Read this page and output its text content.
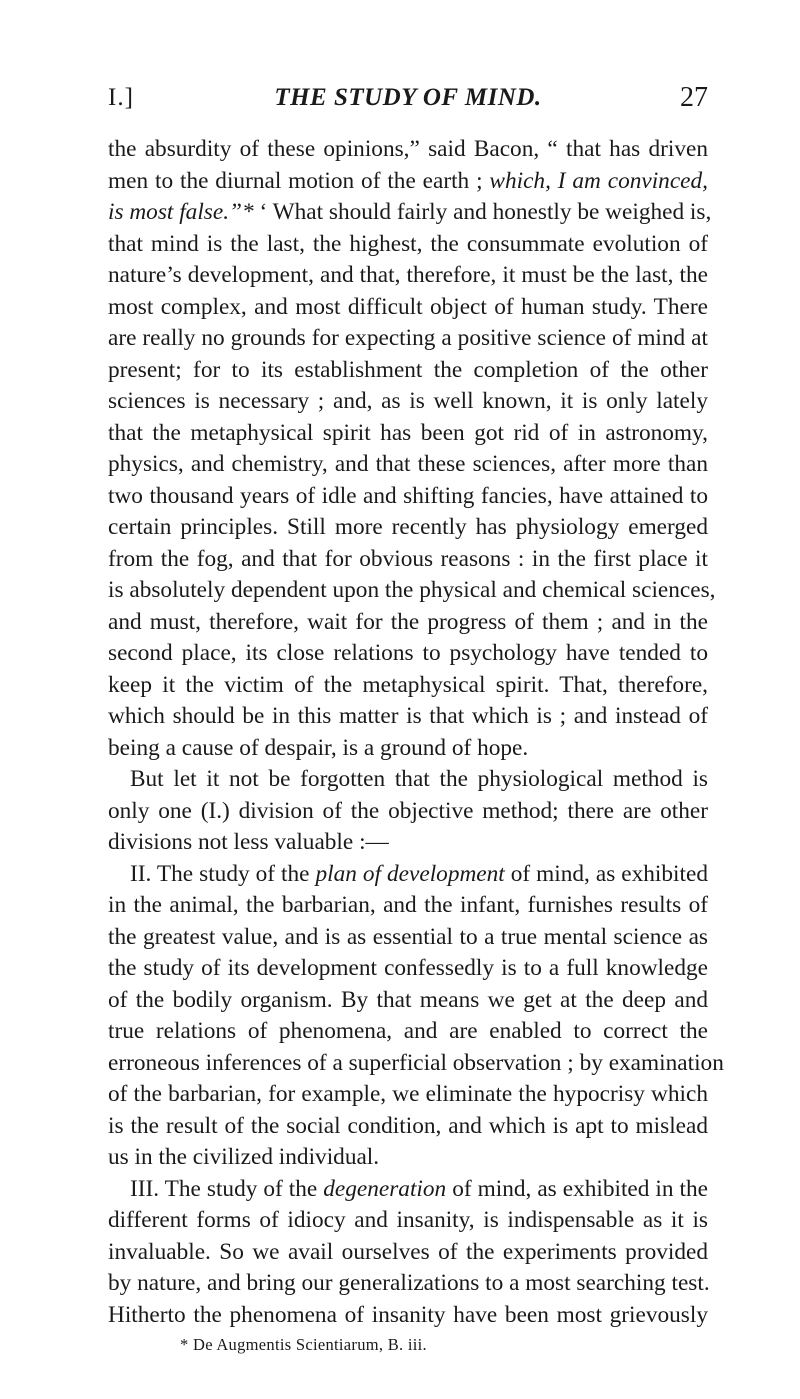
I.]	THE STUDY OF MIND.	27
the absurdity of these opinions,” said Bacon, “ that has driven
men to the diurnal motion of the earth ; which, I am convinced,
is most false.”* ‘ What should fairly and honestly be weighed is,
that mind is the last, the highest, the consummate evolution of
nature’s development, and that, therefore, it must be the last, the
most complex, and most difficult object of human study. There
are really no grounds for expecting a positive science of mind at
present; for to its establishment the completion of the other
sciences is necessary ; and, as is well known, it is only lately
that the metaphysical spirit has been got rid of in astronomy,
physics, and chemistry, and that these sciences, after more than
two thousand years of idle and shifting fancies, have attained to
certain principles. Still more recently has physiology emerged
from the fog, and that for obvious reasons : in the first place it
is absolutely dependent upon the physical and chemical sciences,
and must, therefore, wait for the progress of them ; and in the
second place, its close relations to psychology have tended to
keep it the victim of the metaphysical spirit. That, therefore,
which should be in this matter is that which is ; and instead of
being a cause of despair, is a ground of hope.
But let it not be forgotten that the physiological method is
only one (I.) division of the objective method; there are other
divisions not less valuable :—
II. The study of the plan of development of mind, as exhibited
in the animal, the barbarian, and the infant, furnishes results of
the greatest value, and is as essential to a true mental science as
the study of its development confessedly is to a full knowledge
of the bodily organism. By that means we get at the deep and
true relations of phenomena, and are enabled to correct the
erroneous inferences of a superficial observation ; by examination
of the barbarian, for example, we eliminate the hypocrisy which
is the result of the social condition, and which is apt to mislead
us in the civilized individual.
III. The study of the degeneration of mind, as exhibited in the
different forms of idiocy and insanity, is indispensable as it is
invaluable. So we avail ourselves of the experiments provided
by nature, and bring our generalizations to a most searching test.
Hitherto the phenomena of insanity have been most grievously
* De Augmentis Scientiarum, B. iii.
